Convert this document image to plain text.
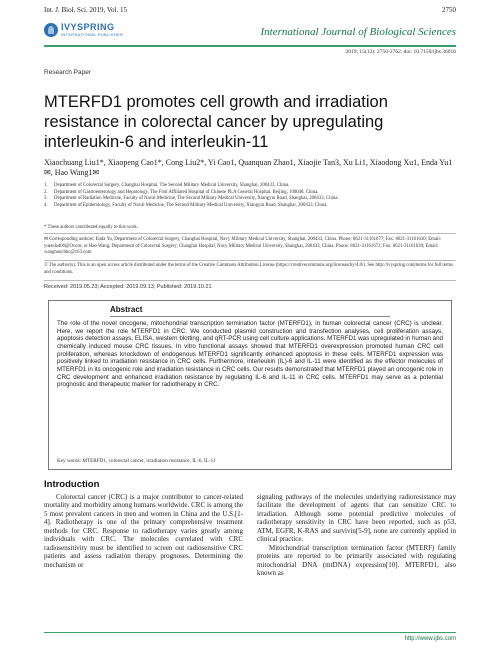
Int. J. Biol. Sci. 2019, Vol. 15	2750
IVYSPRING
INTERNATIONAL PUBLISHER	International Journal of Biological Sciences
2019; 15(12): 2750-2762. doi: 10.7150/ijbs.36016
Research Paper
MTERFD1 promotes cell growth and irradiation resistance in colorectal cancer by upregulating interleukin-6 and interleukin-11
Xiaochuang Liu1*, Xiaopeng Cao1*, Cong Liu2*, Yi Cao1, Quanquan Zhao1, Xiaojie Tan3, Xu Li1, Xiaodong Xu1, Enda Yu1✉, Hao Wang1✉
1.	Department of Colorectal Surgery, Changhai Hospital, The Second Military Medical University, Shanghai, 200433, China.
2.	Department of Gastroenterology and Hepatology, The First Affiliated Hospital of Chinese PLA General Hospital, Beijing, 100048, China.
3.	Department of Radiation Medicine, Faculty of Naval Medicine, The Second Military Medical University, Xiangyin Road, Shanghai, 200433, China.
4.	Department of Epidemiology, Faculty of Naval Medicine, The Second Military Medical University, Xiangyin Road, Shanghai, 200433, China.
* These authors contributed equally to this work.
✉ Corresponding authors: Enda Yu, Department of Colorectal Surgery, Changhai Hospital, Navy Military Medical University, Shanghai, 200433, China. Phone: 8621-31161677; Fax: 8621-31161630; Email: yuenda406@Ocom; or Hao Wang, Department of Colorectal Surgery, Changhai Hospital, Navy Military Medical University, Shanghai, 200433, China. Phone: 8621-31161672; Fax: 8621-31161630; Email: wanghaochhc@163.com
© The author(s). This is an open access article distributed under the terms of the Creative Commons Attribution License (https://creativecommons.org/licenses/by/4.0/). See http://ivyspring.com/terms for full terms and conditions.
Received: 2019.05.23; Accepted: 2019.09.13; Published: 2019.10.21
Abstract
The role of the novel oncogene, mitochondrial transcription termination factor (MTERFD1), in human colorectal cancer (CRC) is unclear. Here, we report the role MTERFD1 in CRC. We conducted plasmid construction and transfection analyses, cell proliferation assays, apoptosis detection assays, ELISA, western blotting, and qRT-PCR using cell culture applications. MTERFD1 was upregulated in human and chemically induced mouse CRC tissues. In vitro functional assays showed that MTERFD1 overexpression promoted human CRC cell proliferation, whereas knockdown of endogenous MTERFD1 significantly enhanced apoptosis in these cells. MTERFD1 expression was positively linked to irradiation resistance in CRC cells. Furthermore, interleukin (IL)-6 and IL-11 were identified as the effector molecules of MTERFD1 in its oncogenic role and irradiation resistance in CRC cells. Our results demonstrated that MTERFD1 played an oncogenic role in CRC development and enhanced irradiation resistance by regulating IL-6 and IL-11 in CRC cells. MTERFD1 may serve as a potential prognostic and therapeutic marker for radiotherapy in CRC.
Key words: MTERFD1, colorectal cancer, irradiation resistance, IL-6, IL-11
Introduction

Colorectal cancer (CRC) is a major contributor to cancer-related mortality and morbidity among humans worldwide. CRC is among the 5 most prevalent cancers in men and women in China and the U.S.[1-4]. Radiotherapy is one of the primary comprehensive treatment methods for CRC. Response to radiotherapy varies greatly among individuals with CRC. The molecules correlated with CRC radiosensitivity must be identified to screen out radiosensitive CRC patients and assess radiation therapy prognoses. Determining the mechanism or

signaling pathways of the molecules underlying radioresistance may facilitate the development of agents that can sensitize CRC to irradiation. Although some potential predictive molecules of radiotherapy sensitivity in CRC have been reported, such as p53, ATM, EGFR, K-RAS and survivin[5-9], none are currently applied in clinical practice.

Mitochondrial transcription termination factor (MTERF) family proteins are reported to be primarily associated with regulating mitochondrial DNA (mtDNA) expression[10]. MTERFD1, also known as

http://www.ijbs.com
